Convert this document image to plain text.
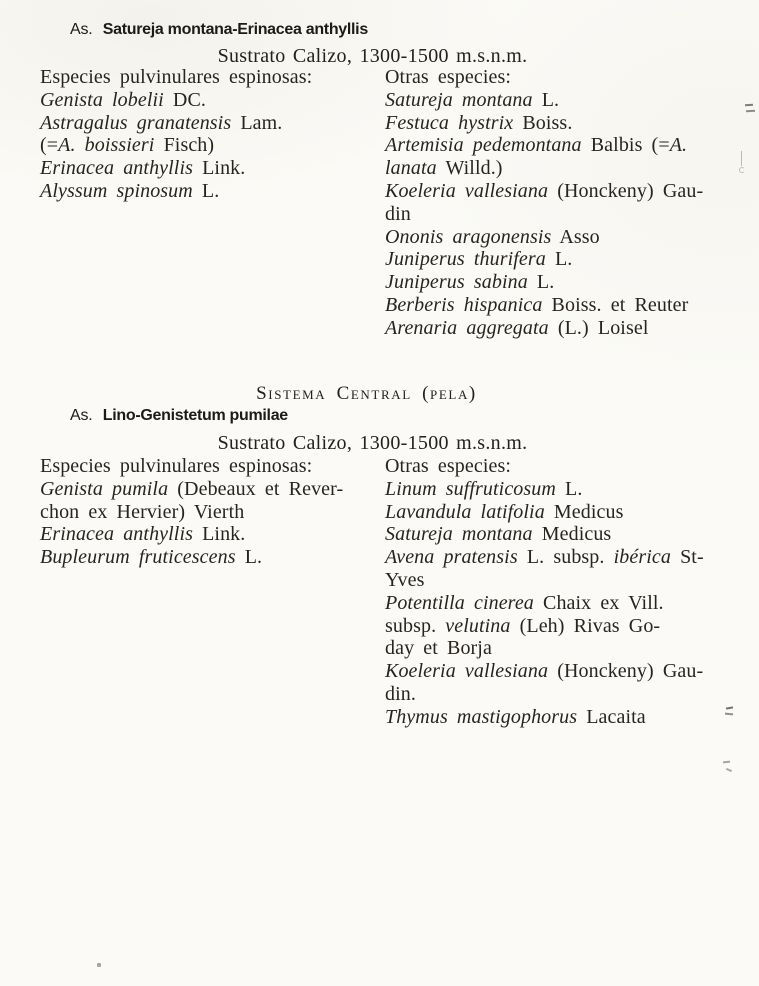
As. Satureja montana-Erinacea anthyllis
Sustrato Calizo, 1300-1500 m.s.n.m.
Especies pulvinulares espinosas:
Genista lobelii DC.
Astragalus granatensis Lam.
(=A. boissieri Fisch)
Erinacea anthyllis Link.
Alyssum spinosum L.
Otras especies:
Satureja montana L.
Festuca hystrix Boiss.
Artemisia pedemontana Balbis (=A.
lanata Willd.)
Koeleria vallesiana (Honckeny) Gau-
din
Ononis aragonensis Asso
Juniperus thurifera L.
Juniperus sabina L.
Berberis hispanica Boiss. et Reuter
Arenaria aggregata (L.) Loisel
Sistema Central (pela)
As. Lino-Genistetum pumilae
Sustrato Calizo, 1300-1500 m.s.n.m.
Especies pulvinulares espinosas:
Genista pumila (Debeaux et Rever-
chon ex Hervier) Vierth
Erinacea anthyllis Link.
Bupleurum fruticescens L.
Otras especies:
Linum suffruticosum L.
Lavandula latifolia Medicus
Satureja montana Medicus
Avena pratensis L. subsp. ibérica St-
Yves
Potentilla cinerea Chaix ex Vill.
subsp. velutina (Leh) Rivas Go-
day et Borja
Koeleria vallesiana (Honckeny) Gau-
din.
Thymus mastigophorus Lacaita
